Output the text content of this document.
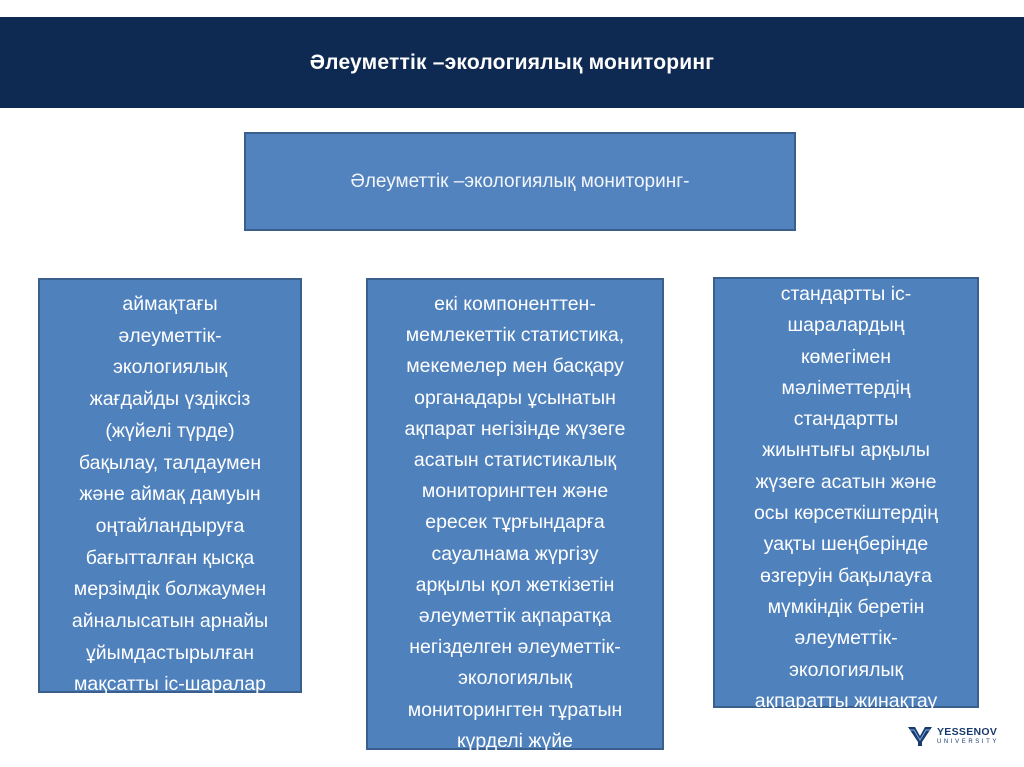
Әлеуметтік –экологиялық мониторинг
Әлеуметтік –экологиялық мониторинг-
аймақтағы
әлеуметтік-
экологиялық
жағдайды үздіксіз
(жүйелі түрде)
бақылау, талдаумен
және аймақ дамуын
оңтайландыруға
бағытталған қысқа
мерзімдік болжаумен
айналысатын арнайы
ұйымдастырылған
мақсатты іс-шаралар
екі компоненттен-
мемлекеттік статистика,
мекемелер мен басқару
органадары ұсынатын
ақпарат негізінде жүзеге
асатын статистикалық
мониторингтен және
ересек тұрғындарға
сауалнама жүргізу
арқылы қол жеткізетін
әлеуметтік ақпаратқа
негізделген әлеуметтік-
экологиялық
мониторингтен тұратын
күрделі жүйе
стандартты іс-
шаралардың
көмегімен
мәліметтердің
стандартты
жиынтығы арқылы
жүзеге асатын және
осы көрсеткіштердің
уақты шеңберінде
өзгеруін бақылауға
мүмкіндік беретін
әлеуметтік-
экологиялық
ақпаратты жинақтау
YESSENOV
UNIVERSITY
